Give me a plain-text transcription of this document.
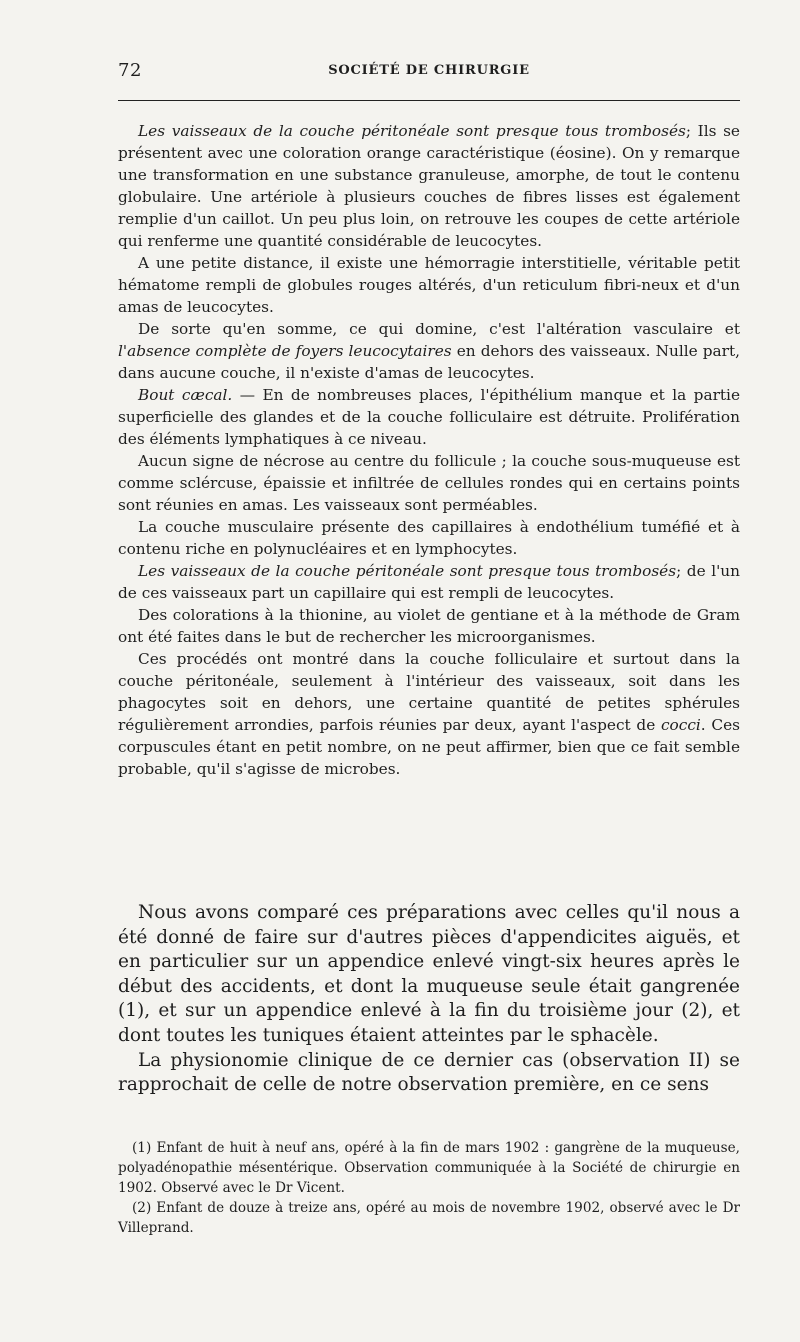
72	SOCIÉTÉ DE CHIRURGIE

Les vaisseaux de la couche péritonéale sont presque tous trombosés; Ils se présentent avec une coloration orange caractéristique (éosine). On y remarque une transformation en une substance granuleuse, amorphe, de tout le contenu globulaire. Une artériole à plusieurs couches de fibres lisses est également remplie d'un caillot. Un peu plus loin, on retrouve les coupes de cette artériole qui renferme une quantité considérable de leucocytes.

A une petite distance, il existe une hémorragie interstitielle, véritable petit hématome rempli de globules rouges altérés, d'un reticulum fibri-neux et d'un amas de leucocytes.

De sorte qu'en somme, ce qui domine, c'est l'altération vasculaire et l'absence complète de foyers leucocytaires en dehors des vaisseaux. Nulle part, dans aucune couche, il n'existe d'amas de leucocytes.

Bout cæcal. — En de nombreuses places, l'épithélium manque et la partie superficielle des glandes et de la couche folliculaire est détruite. Prolifération des éléments lymphatiques à ce niveau.

Aucun signe de nécrose au centre du follicule ; la couche sous-muqueuse est comme sclércuse, épaissie et infiltrée de cellules rondes qui en certains points sont réunies en amas. Les vaisseaux sont perméables.

La couche musculaire présente des capillaires à endothélium tuméfié et à contenu riche en polynucléaires et en lymphocytes.

Les vaisseaux de la couche péritonéale sont presque tous trombosés; de l'un de ces vaisseaux part un capillaire qui est rempli de leucocytes.

Des colorations à la thionine, au violet de gentiane et à la méthode de Gram ont été faites dans le but de rechercher les microorganismes.

Ces procédés ont montré dans la couche folliculaire et surtout dans la couche péritonéale, seulement à l'intérieur des vaisseaux, soit dans les phagocytes soit en dehors, une certaine quantité de petites sphérules régulièrement arrondies, parfois réunies par deux, ayant l'aspect de cocci. Ces corpuscules étant en petit nombre, on ne peut affirmer, bien que ce fait semble probable, qu'il s'agisse de microbes.

Nous avons comparé ces préparations avec celles qu'il nous a été donné de faire sur d'autres pièces d'appendicites aiguës, et en particulier sur un appendice enlevé vingt-six heures après le début des accidents, et dont la muqueuse seule était gangrenée (1), et sur un appendice enlevé à la fin du troisième jour (2), et dont toutes les tuniques étaient atteintes par le sphacèle.

La physionomie clinique de ce dernier cas (observation II) se rapprochait de celle de notre observation première, en ce sens

(1) Enfant de huit à neuf ans, opéré à la fin de mars 1902 : gangrène de la muqueuse, polyadénopathie mésentérique. Observation communiquée à la Société de chirurgie en 1902. Observé avec le Dr Vicent.

(2) Enfant de douze à treize ans, opéré au mois de novembre 1902, observé avec le Dr Villeprand.
